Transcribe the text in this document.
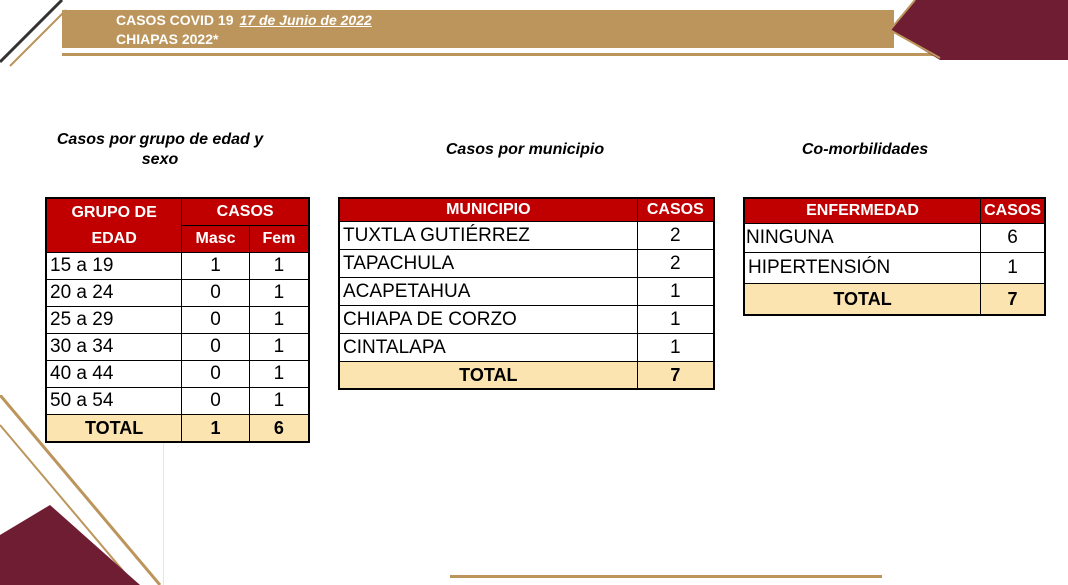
CASOS COVID 19 17 de Junio de 2022
CHIAPAS 2022*
Casos por grupo de edad y sexo
Casos por municipio	Co-morbilidades
GRUPO DE EDAD	CASOS	
	Masc	Fem
15 a 19	1	1
20 a 24	0	1
25 a 29	0	1
30 a 34	0	1
40 a 44	0	1
50 a 54	0	1
TOTAL	1	6
MUNICIPIO	CASOS
TUXTLA GUTIÉRREZ	2
TAPACHULA	2
ACAPETAHUA	1
CHIAPA DE CORZO	1
CINTALAPA	1
TOTAL	7
ENFERMEDAD	CASOS
NINGUNA	6
HIPERTENSIÓN	1
TOTAL	7
